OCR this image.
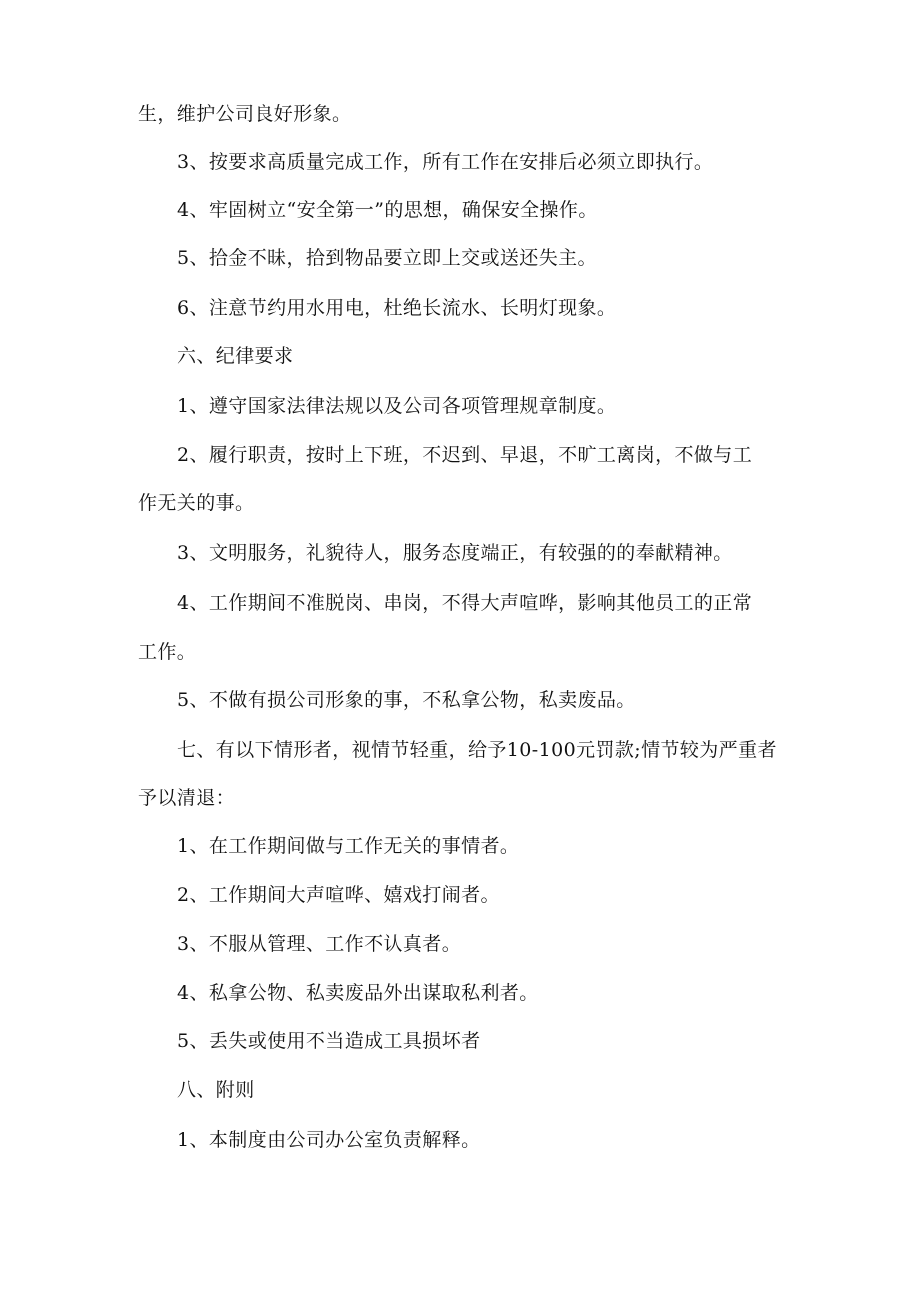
生，维护公司良好形象。
3、按要求高质量完成工作，所有工作在安排后必须立即执行。
4、牢固树立“安全第一”的思想，确保安全操作。
5、拾金不昧，拾到物品要立即上交或送还失主。
6、注意节约用水用电，杜绝长流水、长明灯现象。
六、纪律要求
1、遵守国家法律法规以及公司各项管理规章制度。
2、履行职责，按时上下班，不迟到、早退，不旷工离岗，不做与工
作无关的事。
3、文明服务，礼貌待人，服务态度端正，有较强的的奉献精神。
4、工作期间不准脱岗、串岗，不得大声喧哗，影响其他员工的正常
工作。
5、不做有损公司形象的事，不私拿公物，私卖废品。
七、有以下情形者，视情节轻重，给予10-100元罚款;情节较为严重者
予以清退：
1、在工作期间做与工作无关的事情者。
2、工作期间大声喧哗、嬉戏打闹者。
3、不服从管理、工作不认真者。
4、私拿公物、私卖废品外出谋取私利者。
5、丢失或使用不当造成工具损坏者
八、附则
1、本制度由公司办公室负责解释。
